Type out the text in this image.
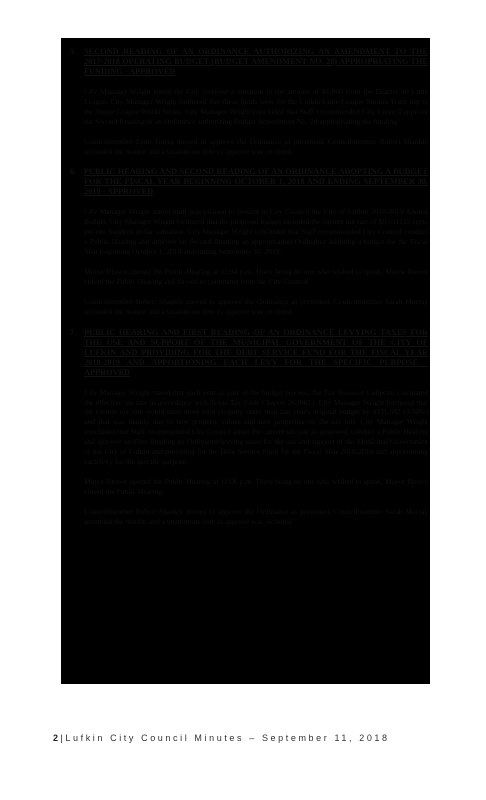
5. SECOND READING OF AN ORDINANCE AUTHORIZING AN AMENDMENT TO THE 2017-2018 OPERATING BUDGET (BUDGET AMENDMENT NO. 20) APPROPRIATING THE FUNDING - APPROVED

City Manager Wright stated the City received a donation in the amount of $1,000 from the District 10 Little League. City Manager Wright furthered that these funds were for the Lufkin Little League Juniors Team trip to the Junior League World Series. City Manager Wright concluded that Staff recommended City Council approve the Second Reading of an Ordinance authorizing Budget Amendment No. 20 appropriating the funding.

Councilmember Lynn Torres moved to approve the Ordinance as presented. Councilmember Robert Shankle seconded the motion and a unanimous vote to approve was recorded.

6. PUBLIC HEARING AND SECOND READING OF AN ORDINANCE ADOPTING A BUDGET FOR THE FISCAL YEAR BEGINNING OCTOBER 1, 2018 AND ENDING SEPTEMBER 30, 2019 - APPROVED

City Manager Wright stated Staff was pleased to present to City Council the City of Lufkin 2018-2019 Annual Budget. City Manager Wright furthered that the proposed budget included the current tax rate of $0.531135 cents per one hundred dollar valuation. City Manager Wright concluded that Staff recommended City Council conduct a Public Hearing and approve on Second Reading an appropriation Ordinance adopting a budget for the Fiscal Year beginning October 1, 2018 and ending September 30, 2019.

Mayor Brown opened the Public Hearing at 12:04 p.m. There being no one who wished to speak, Mayor Brown closed the Public Hearing and moved to comments from the City Council.

Councilmember Robert Shankle moved to approve the Ordinance as presented. Councilmember Sarah Murray seconded the motion and a unanimous vote to approve was recorded.

7. PUBLIC HEARING AND FIRST READING OF AN ORDINANCE LEVYING TAXES FOR THE USE AND SUPPORT OF THE MUNICIPAL GOVERNMENT OF THE CITY OF LUFKIN AND PROVIDING FOR THE DEBT SERVICE FUND FOR THE FISCAL YEAR 2018-2019 AND APPORTIONING EACH LEVY FOR THE SPECIFIC PURPOSE - APPROVED

City Manager Wright stated that each year as part of the budget process, the Tax Assessor Collector calculated the effective tax rate in accordance with Texas Tax Code Chapter 26.04(1). City Manager Wright furthered that the current tax rate would raise more total property taxes than last year's original budget by $331,382 (3.50%) and that was mainly due to new property values and new properties on the tax roll. City Manager Wright concluded that Staff recommended City Council adopt the current tax rate as proposed, conduct a Public Hearing and approve on First Reading an Ordinance levying taxes for the use and support of the Municipal Government of the City of Lufkin and providing for the Debt Service Fund for the Fiscal Year 2018-2019 and apportioning each levy for the specific purpose.

Mayor Brown opened the Public Hearing at 12:06 p.m. There being no one who wished to speak, Mayor Brown closed the Public Hearing.

Councilmember Robert Shankle moved to approve the Ordinance as presented. Councilmember Sarah Murray seconded the motion and a unanimous vote to approve was recorded.

2 | Lufkin City Council Minutes – September 11, 2018
